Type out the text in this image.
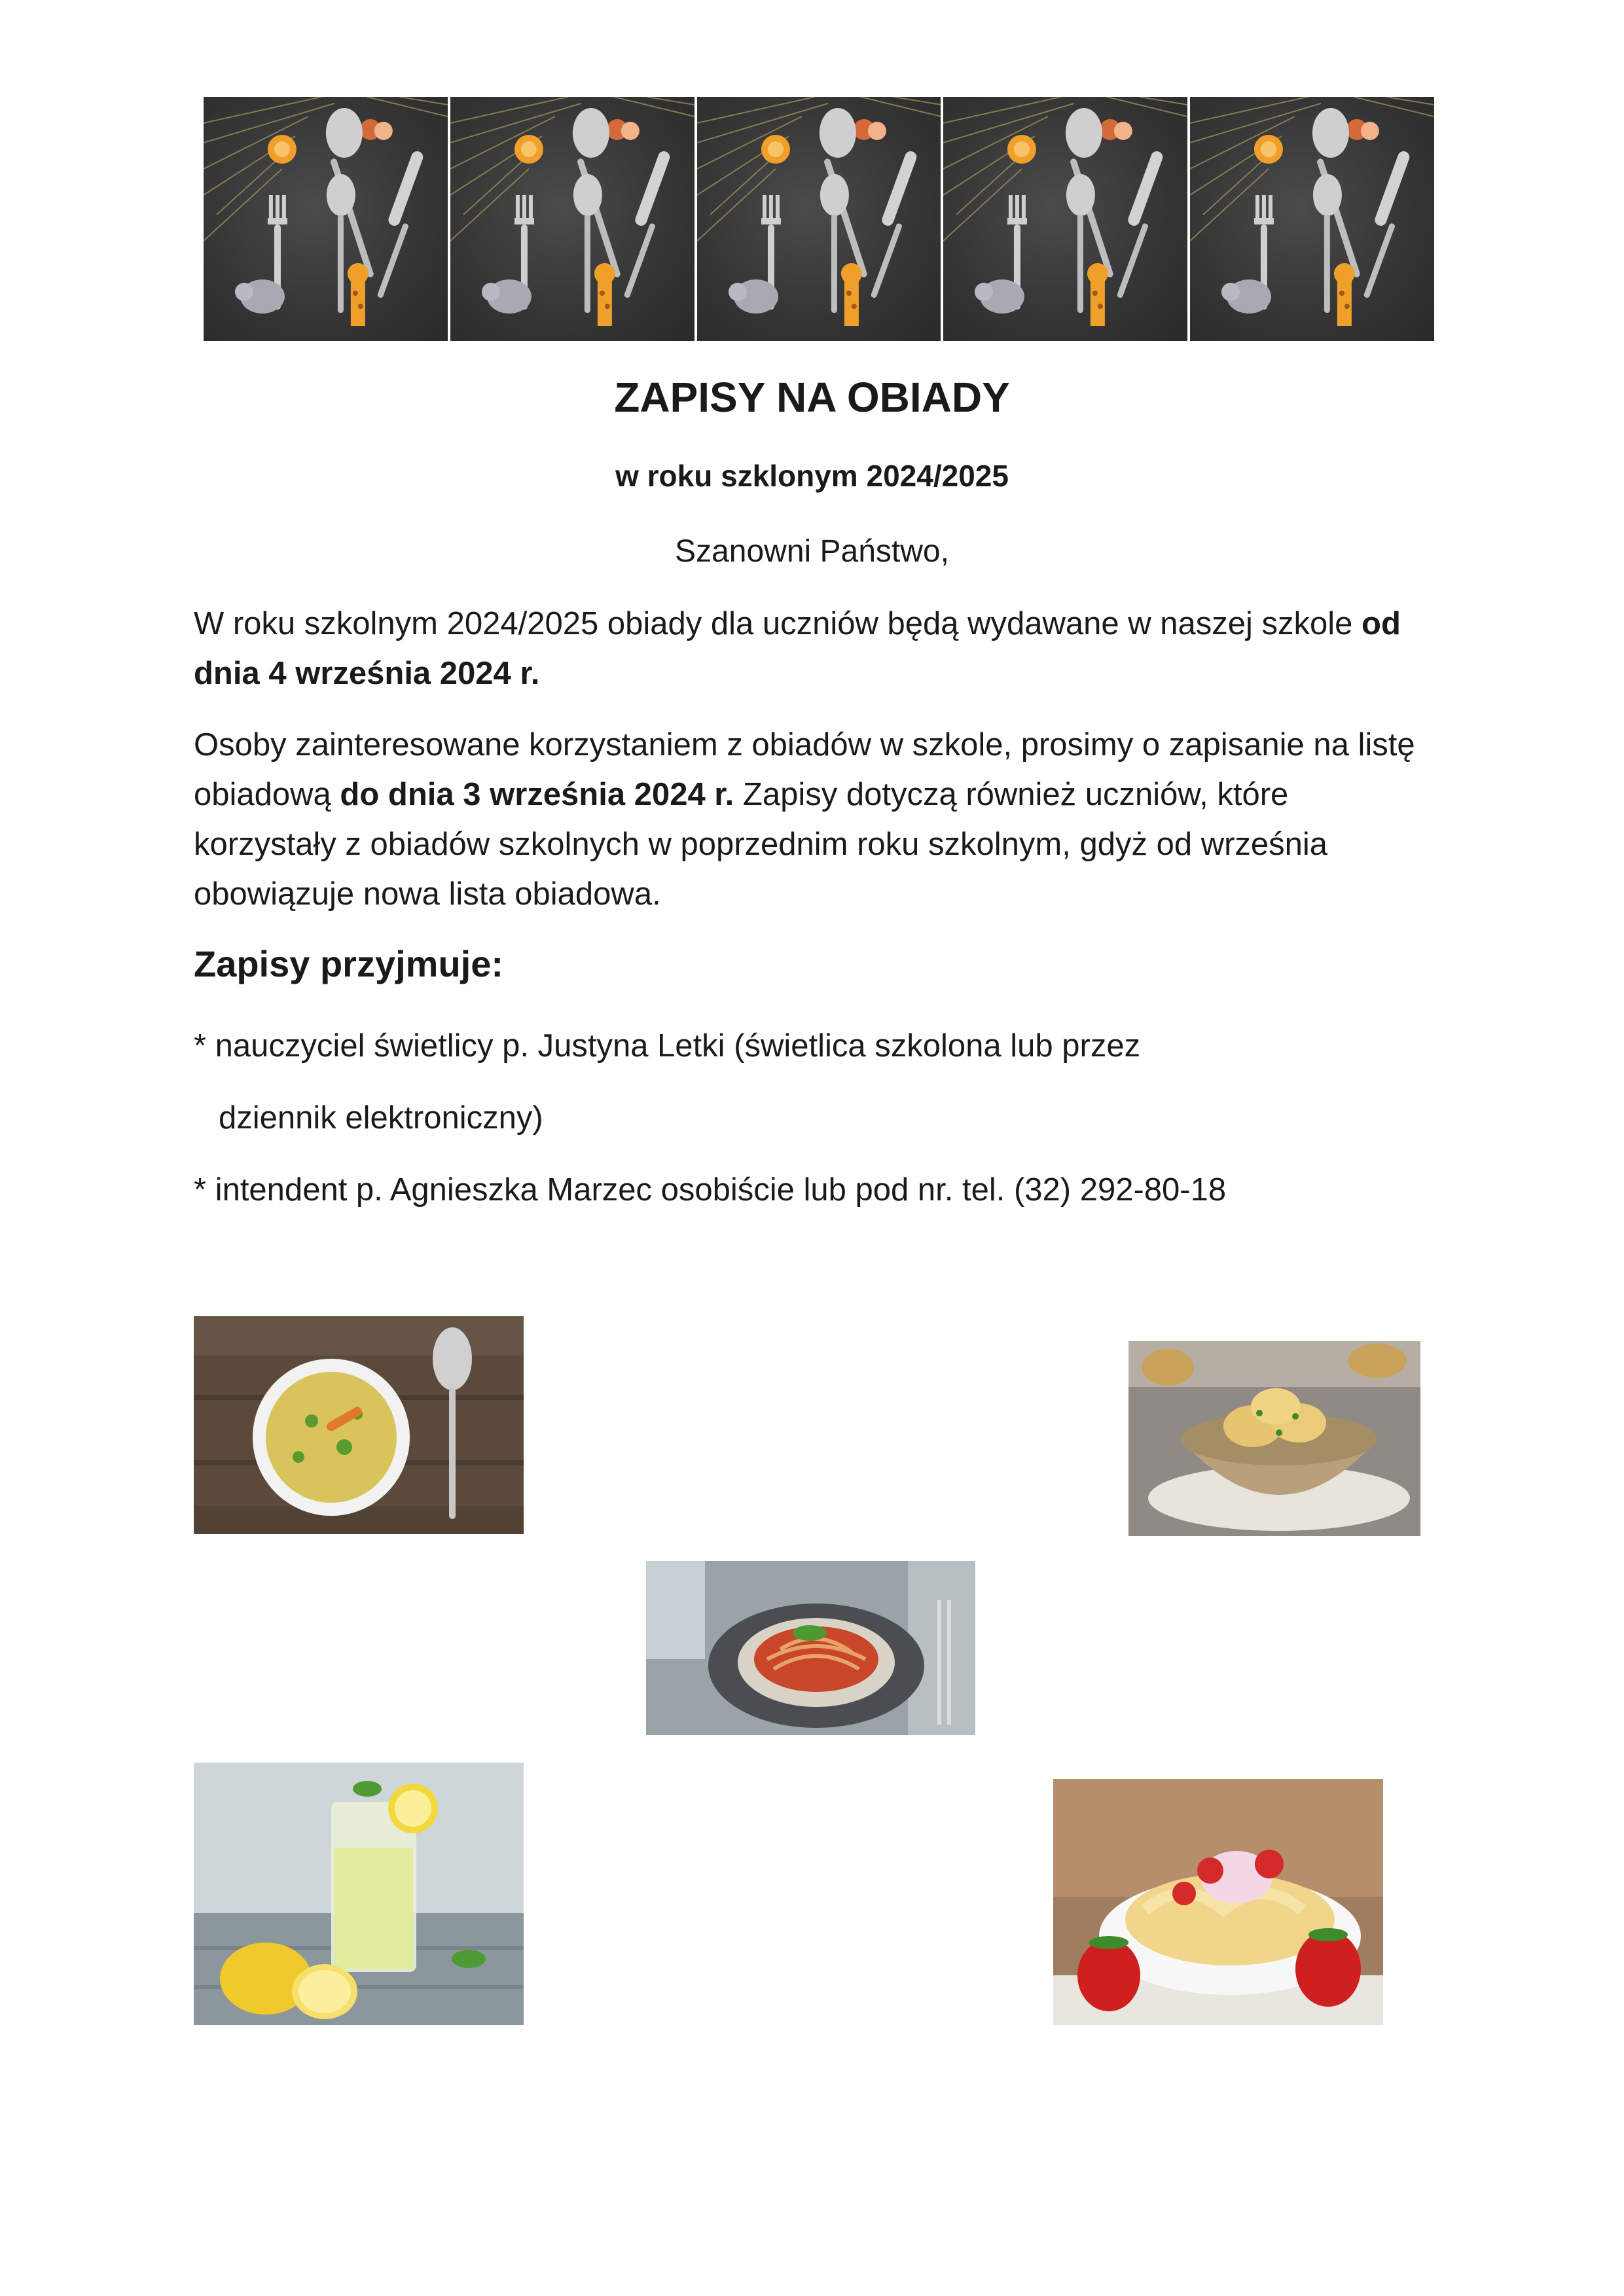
ZAPISY NA OBIADY

w roku szklonym 2024/2025

Szanowni Państwo,

W roku szkolnym 2024/2025 obiady dla uczniów będą wydawane w naszej szkole od dnia 4 września 2024 r.

Osoby zainteresowane korzystaniem z obiadów w szkole, prosimy o zapisanie na listę obiadową do dnia 3 września 2024 r. Zapisy dotyczą również uczniów, które korzystały z obiadów szkolnych w poprzednim roku szkolnym, gdyż od września obowiązuje nowa lista obiadowa.

Zapisy przyjmuje:

* nauczyciel świetlicy p. Justyna Letki (świetlica szkolona lub przez

dziennik elektroniczny)

* intendent p. Agnieszka Marzec osobiście lub pod nr. tel. (32) 292-80-18
